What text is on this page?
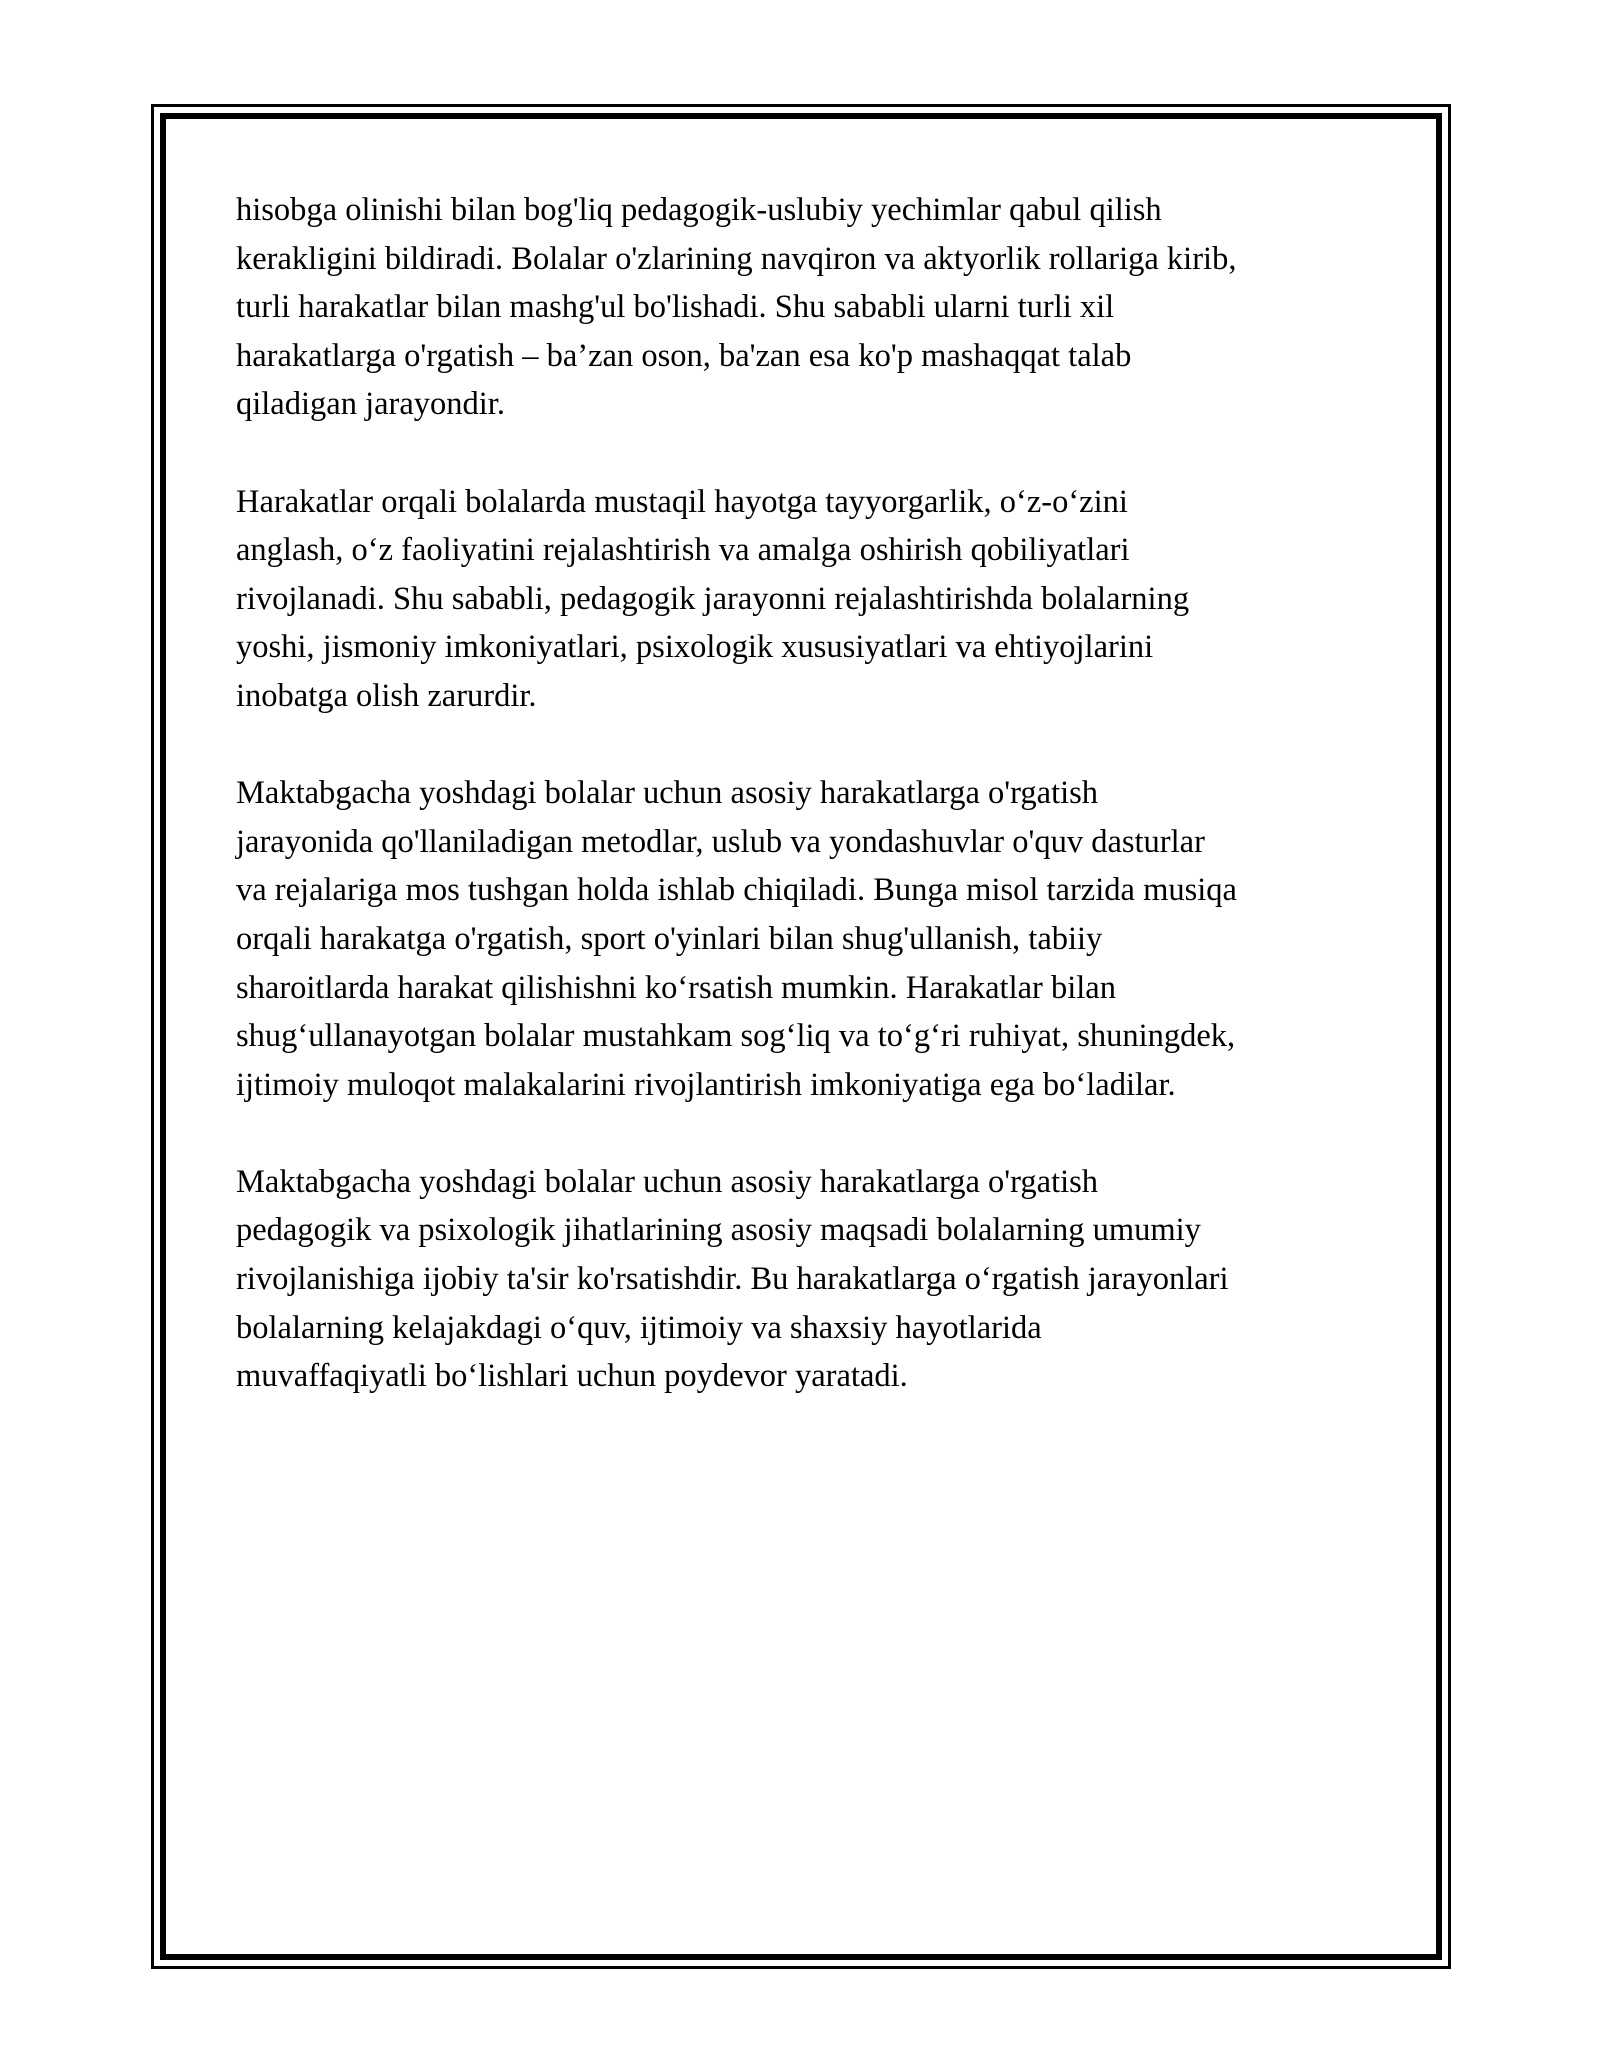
hisobga olinishi bilan bog'liq pedagogik-uslubiy yechimlar qabul qilish
kerakligini bildiradi. Bolalar o'zlarining navqiron va aktyorlik rollariga kirib,
turli harakatlar bilan mashg'ul bo'lishadi. Shu sababli ularni turli xil
harakatlarga o'rgatish – ba’zan oson, ba'zan esa ko'p mashaqqat talab
qiladigan jarayondir.

Harakatlar orqali bolalarda mustaqil hayotga tayyorgarlik, o‘z-o‘zini
anglash, o‘z faoliyatini rejalashtirish va amalga oshirish qobiliyatlari
rivojlanadi. Shu sababli, pedagogik jarayonni rejalashtirishda bolalarning
yoshi, jismoniy imkoniyatlari, psixologik xususiyatlari va ehtiyojlarini
inobatga olish zarurdir.

Maktabgacha yoshdagi bolalar uchun asosiy harakatlarga o'rgatish
jarayonida qo'llaniladigan metodlar, uslub va yondashuvlar o'quv dasturlar
va rejalariga mos tushgan holda ishlab chiqiladi. Bunga misol tarzida musiqa
orqali harakatga o'rgatish, sport o'yinlari bilan shug'ullanish, tabiiy
sharoitlarda harakat qilishishni ko‘rsatish mumkin. Harakatlar bilan
shug‘ullanayotgan bolalar mustahkam sog‘liq va to‘g‘ri ruhiyat, shuningdek,
ijtimoiy muloqot malakalarini rivojlantirish imkoniyatiga ega bo‘ladilar.

Maktabgacha yoshdagi bolalar uchun asosiy harakatlarga o'rgatish
pedagogik va psixologik jihatlarining asosiy maqsadi bolalarning umumiy
rivojlanishiga ijobiy ta'sir ko'rsatishdir. Bu harakatlarga o‘rgatish jarayonlari
bolalarning kelajakdagi o‘quv, ijtimoiy va shaxsiy hayotlarida
muvaffaqiyatli bo‘lishlari uchun poydevor yaratadi.
